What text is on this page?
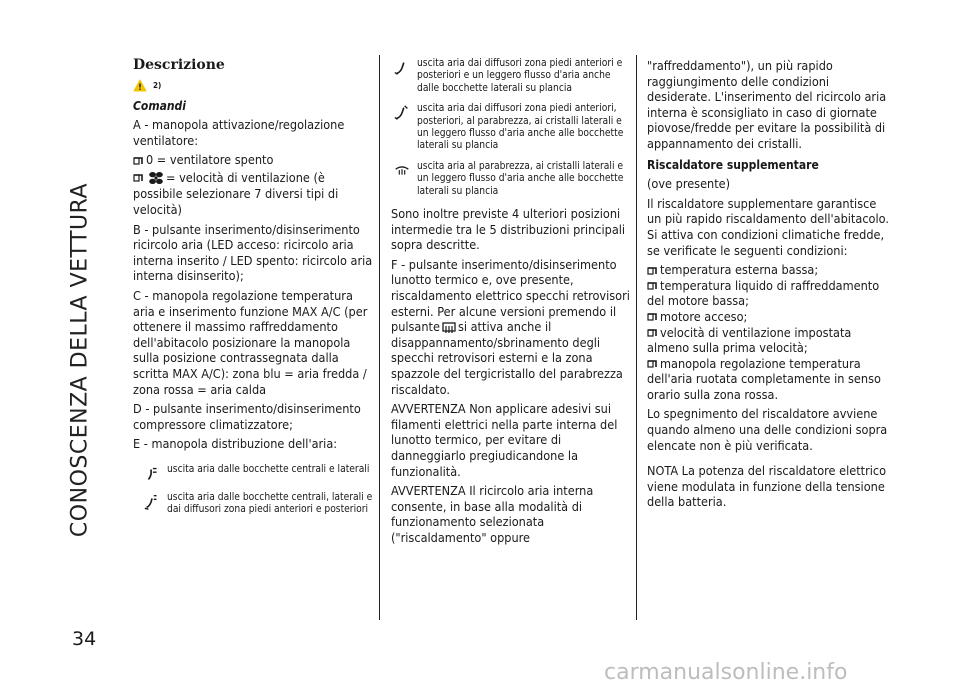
CONOSCENZA DELLA VETTURA
34
Descrizione
2)
Comandi

A - manopola attivazione/regolazione ventilatore:

0 = ventilatore spento

= velocità di ventilazione (è possibile selezionare 7 diversi tipi di velocità)

B - pulsante inserimento/disinserimento ricircolo aria (LED acceso: ricircolo aria interna inserito / LED spento: ricircolo aria interna disinserito);

C - manopola regolazione temperatura aria e inserimento funzione MAX A/C (per ottenere il massimo raffreddamento dell'abitacolo posizionare la manopola sulla posizione contrassegnata dalla scritta MAX A/C): zona blu = aria fredda / zona rossa = aria calda

D - pulsante inserimento/disinserimento compressore climatizzatore;

E - manopola distribuzione dell'aria:

uscita aria dalle bocchette centrali e laterali
uscita aria dalle bocchette centrali, laterali e dai diffusori zona piedi anteriori e posteriori
uscita aria dai diffusori zona piedi anteriori e posteriori e un leggero flusso d'aria anche dalle bocchette laterali su plancia
uscita aria dai diffusori zona piedi anteriori, posteriori, al parabrezza, ai cristalli laterali e un leggero flusso d'aria anche alle bocchette laterali su plancia
uscita aria al parabrezza, ai cristalli laterali e un leggero flusso d'aria anche alle bocchette laterali su plancia

Sono inoltre previste 4 ulteriori posizioni intermedie tra le 5 distribuzioni principali sopra descritte.

F - pulsante inserimento/disinserimento lunotto termico e, ove presente, riscaldamento elettrico specchi retrovisori esterni. Per alcune versioni premendo il pulsante si attiva anche il disappannamento/sbrinamento degli specchi retrovisori esterni e la zona spazzole del tergicristallo del parabrezza riscaldato.

AVVERTENZA Non applicare adesivi sui filamenti elettrici nella parte interna del lunotto termico, per evitare di danneggiarlo pregiudicandone la funzionalità.

AVVERTENZA Il ricircolo aria interna consente, in base alla modalità di funzionamento selezionata ("riscaldamento" oppure

"raffreddamento"), un più rapido raggiungimento delle condizioni desiderate. L'inserimento del ricircolo aria interna è sconsigliato in caso di giornate piovose/fredde per evitare la possibilità di appannamento dei cristalli.

Riscaldatore supplementare

(ove presente)

Il riscaldatore supplementare garantisce un più rapido riscaldamento dell'abitacolo. Si attiva con condizioni climatiche fredde, se verificate le seguenti condizioni:

temperatura esterna bassa;

temperatura liquido di raffreddamento del motore bassa;

motore acceso;

velocità di ventilazione impostata almeno sulla prima velocità;

manopola regolazione temperatura dell'aria ruotata completamente in senso orario sulla zona rossa.

Lo spegnimento del riscaldatore avviene quando almeno una delle condizioni sopra elencate non è più verificata.

NOTA La potenza del riscaldatore elettrico viene modulata in funzione della tensione della batteria.

carmanualsonline.info
